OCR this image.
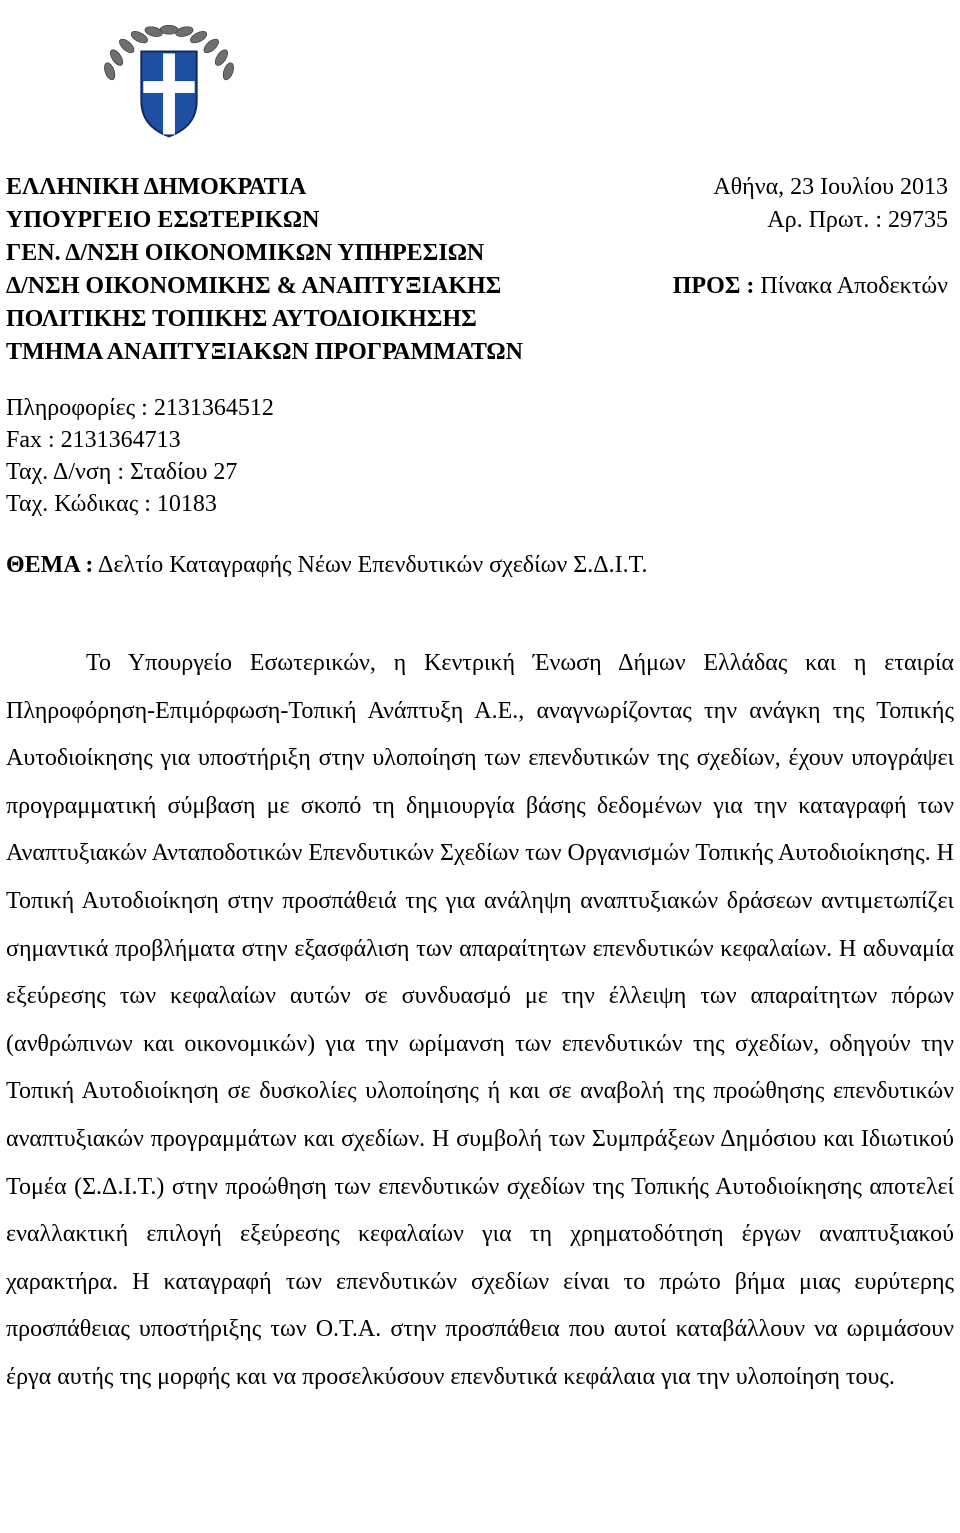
ΕΛΛΗΝΙΚΗ ΔΗΜΟΚΡΑΤΙΑ
ΥΠΟΥΡΓΕΙΟ ΕΣΩΤΕΡΙΚΩΝ
ΓΕΝ. Δ/ΝΣΗ ΟΙΚΟΝΟΜΙΚΩΝ ΥΠΗΡΕΣΙΩΝ
Δ/ΝΣΗ ΟΙΚΟΝΟΜΙΚΗΣ & ΑΝΑΠΤΥΞΙΑΚΗΣ
ΠΟΛΙΤΙΚΗΣ ΤΟΠΙΚΗΣ ΑΥΤΟΔΙΟΙΚΗΣΗΣ
ΤΜΗΜΑ ΑΝΑΠΤΥΞΙΑΚΩΝ ΠΡΟΓΡΑΜΜΑΤΩΝ
Αθήνα, 23 Ιουλίου 2013
Αρ. Πρωτ. : 29735
ΠΡΟΣ : Πίνακα Αποδεκτών
Πληροφορίες : 2131364512
Fax : 2131364713
Ταχ. Δ/νση : Σταδίου 27
Ταχ. Κώδικας : 10183
ΘΕΜΑ : Δελτίο Καταγραφής Νέων Επενδυτικών σχεδίων Σ.Δ.Ι.Τ.

Το Υπουργείο Εσωτερικών, η Κεντρική Ένωση Δήμων Ελλάδας και η εταιρία Πληροφόρηση-Επιμόρφωση-Τοπική Ανάπτυξη Α.Ε., αναγνωρίζοντας την ανάγκη της Τοπικής Αυτοδιοίκησης για υποστήριξη στην υλοποίηση των επενδυτικών της σχεδίων, έχουν υπογράψει προγραμματική σύμβαση με σκοπό τη δημιουργία βάσης δεδομένων για την καταγραφή των Αναπτυξιακών Ανταποδοτικών Επενδυτικών Σχεδίων των Οργανισμών Τοπικής Αυτοδιοίκησης. Η Τοπική Αυτοδιοίκηση στην προσπάθειά της για ανάληψη αναπτυξιακών δράσεων αντιμετωπίζει σημαντικά προβλήματα στην εξασφάλιση των απαραίτητων επενδυτικών κεφαλαίων. Η αδυναμία εξεύρεσης των κεφαλαίων αυτών σε συνδυασμό με την έλλειψη των απαραίτητων πόρων (ανθρώπινων και οικονομικών) για την ωρίμανση των επενδυτικών της σχεδίων, οδηγούν την Τοπική Αυτοδιοίκηση σε δυσκολίες υλοποίησης ή και σε αναβολή της προώθησης επενδυτικών αναπτυξιακών προγραμμάτων και σχεδίων. Η συμβολή των Συμπράξεων Δημόσιου και Ιδιωτικού Τομέα (Σ.Δ.Ι.Τ.) στην προώθηση των επενδυτικών σχεδίων της Τοπικής Αυτοδιοίκησης αποτελεί εναλλακτική επιλογή εξεύρεσης κεφαλαίων για τη χρηματοδότηση έργων αναπτυξιακού χαρακτήρα. Η καταγραφή των επενδυτικών σχεδίων είναι το πρώτο βήμα μιας ευρύτερης προσπάθειας υποστήριξης των Ο.Τ.Α. στην προσπάθεια που αυτοί καταβάλλουν να ωριμάσουν έργα αυτής της μορφής και να προσελκύσουν επενδυτικά κεφάλαια για την υλοποίηση τους.
